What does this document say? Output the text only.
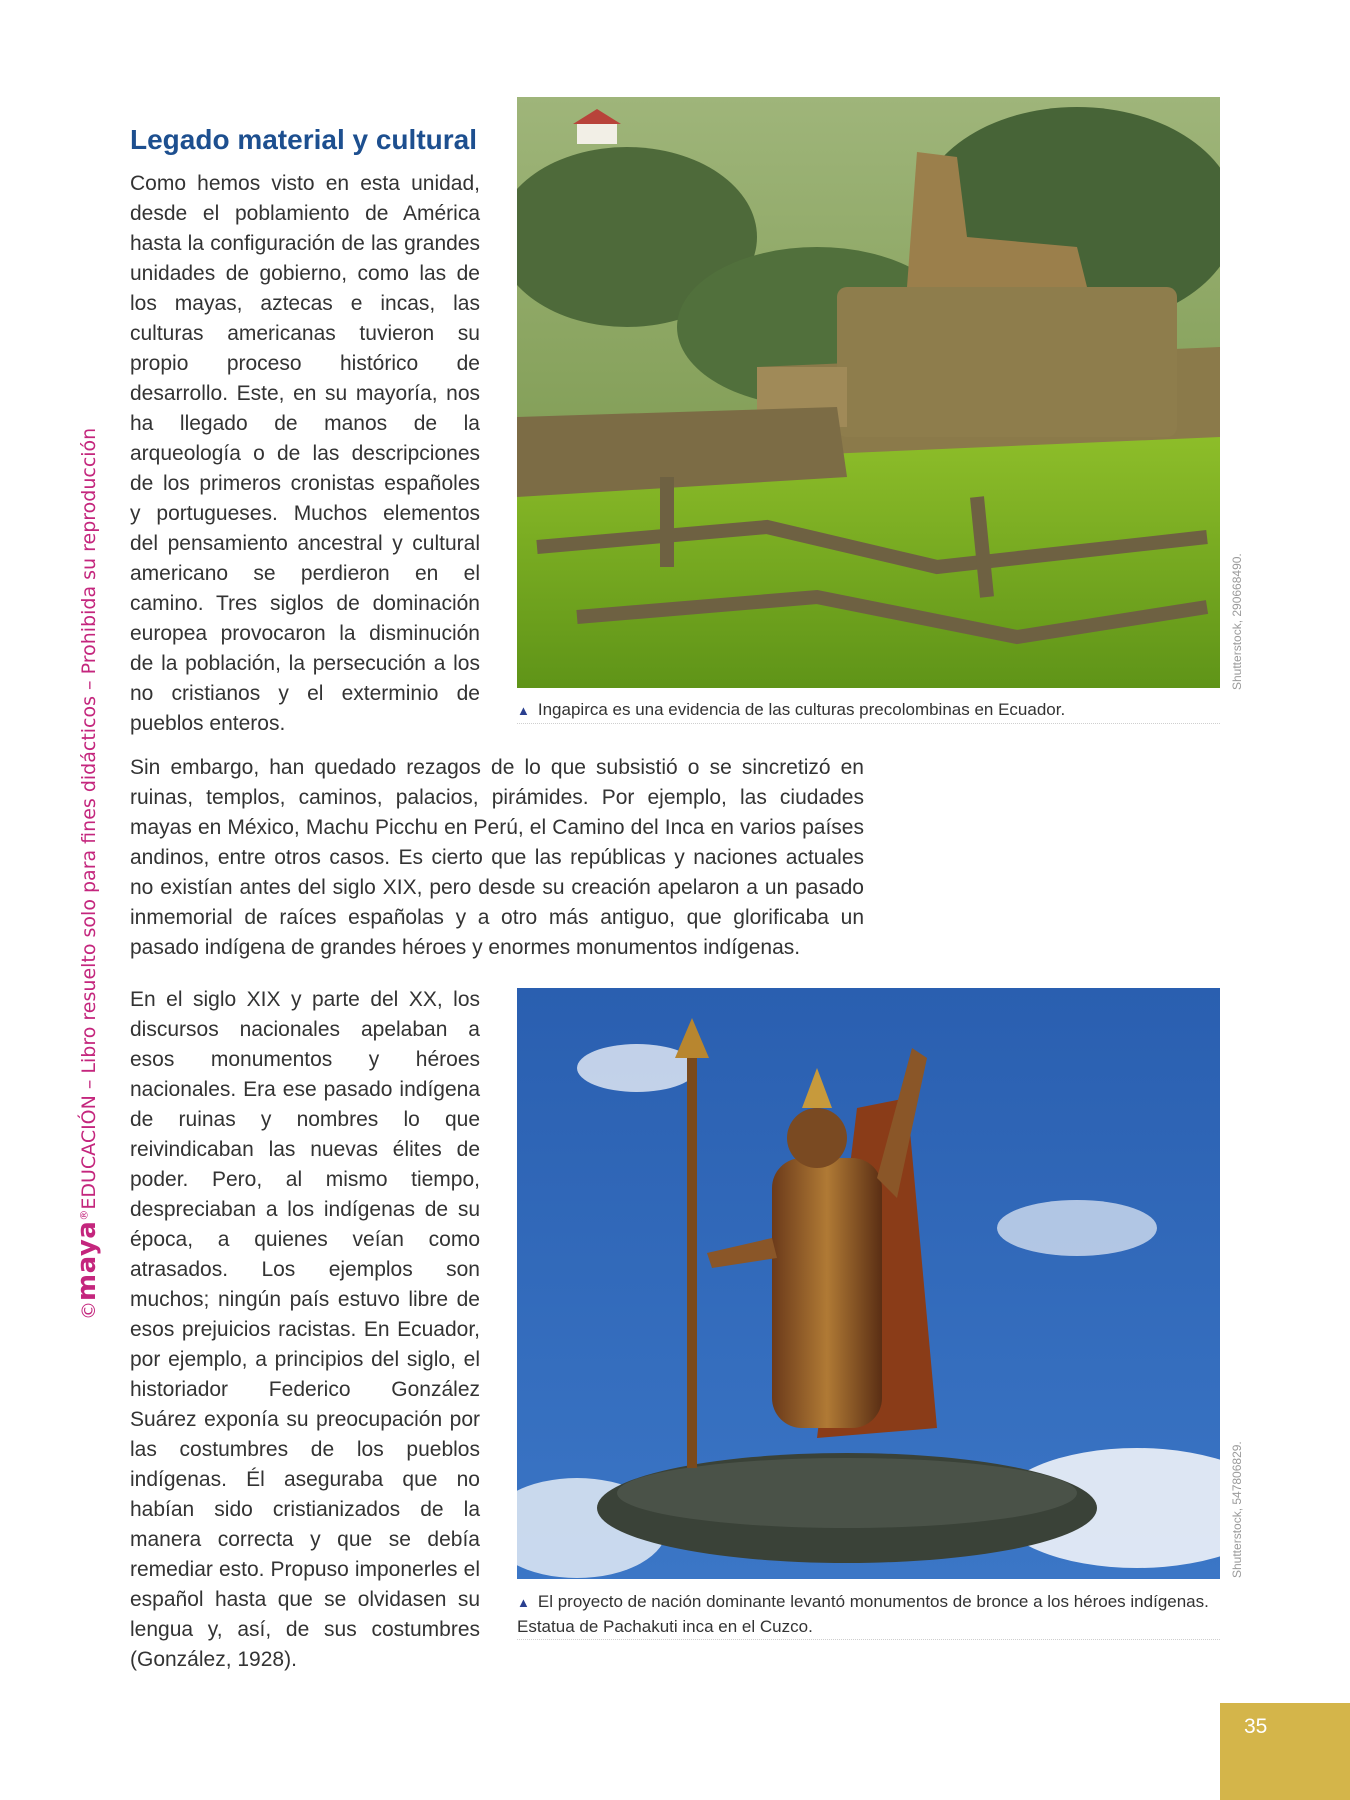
©maya®EDUCACIÓN – Libro resuelto solo para fines didácticos – Prohibida su reproducción
Legado material y cultural

Como hemos visto en esta unidad, desde el poblamiento de América hasta la configuración de las grandes unidades de gobierno, como las de los mayas, aztecas e incas, las culturas americanas tuvieron su propio proceso histórico de desarrollo. Este, en su mayoría, nos ha llegado de manos de la arqueología o de las descripciones de los primeros cronistas españoles y portugueses. Muchos elementos del pensamiento ancestral y cultural americano se perdieron en el camino. Tres siglos de dominación europea provocaron la disminución de la población, la persecución a los no cristianos y el exterminio de pueblos enteros.

Shutterstock, 290668490.
▲ Ingapirca es una evidencia de las culturas precolombinas en Ecuador.

Sin embargo, han quedado rezagos de lo que subsistió o se sincretizó en ruinas, templos, caminos, palacios, pirámides. Por ejemplo, las ciudades mayas en México, Machu Picchu en Perú, el Camino del Inca en varios países andinos, entre otros casos. Es cierto que las repúblicas y naciones actuales no existían antes del siglo XIX, pero desde su creación apelaron a un pasado inmemorial de raíces españolas y a otro más antiguo, que glorificaba un pasado indígena de grandes héroes y enormes monumentos indígenas.

En el siglo XIX y parte del XX, los discursos nacionales apelaban a esos monumentos y héroes nacionales. Era ese pasado indígena de ruinas y nombres lo que reivindicaban las nuevas élites de poder. Pero, al mismo tiempo, despreciaban a los indígenas de su época, a quienes veían como atrasados. Los ejemplos son muchos; ningún país estuvo libre de esos prejuicios racistas. En Ecuador, por ejemplo, a principios del siglo, el historiador Federico González Suárez exponía su preocupación por las costumbres de los pueblos indígenas. Él aseguraba que no habían sido cristianizados de la manera correcta y que se debía remediar esto. Propuso imponerles el español hasta que se olvidasen su lengua y, así, de sus costumbres (González, 1928).

Shutterstock, 547806829.
▲ El proyecto de nación dominante levantó monumentos de bronce a los héroes indígenas. Estatua de Pachakuti inca en el Cuzco.
35
